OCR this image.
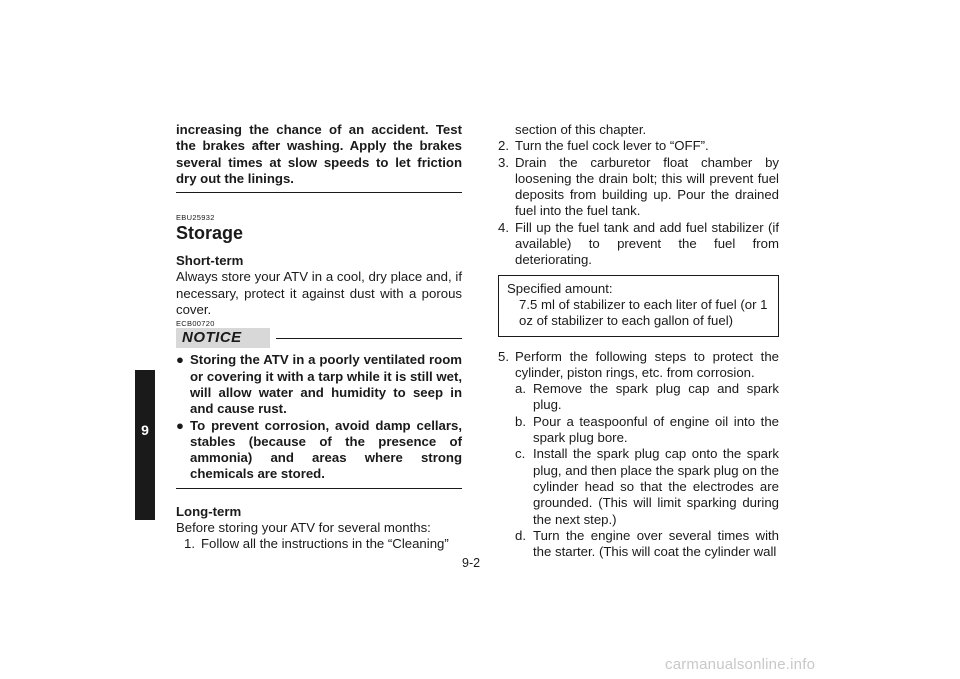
9
increasing the chance of an accident. Test the brakes after washing. Apply the brakes several times at slow speeds to let friction dry out the linings.
EBU25932
Storage
Short-term
Always store your ATV in a cool, dry place and, if necessary, protect it against dust with a porous cover.
ECB00720
NOTICE
● Storing the ATV in a poorly ventilated room or covering it with a tarp while it is still wet, will allow water and humidity to seep in and cause rust.
● To prevent corrosion, avoid damp cellars, stables (because of the presence of ammonia) and areas where strong chemicals are stored.
Long-term
Before storing your ATV for several months:
1. Follow all the instructions in the “Cleaning”
section of this chapter.
2. Turn the fuel cock lever to “OFF”.
3. Drain the carburetor float chamber by loosening the drain bolt; this will prevent fuel deposits from building up. Pour the drained fuel into the fuel tank.
4. Fill up the fuel tank and add fuel stabilizer (if available) to prevent the fuel from deteriorating.
Specified amount:
7.5 ml of stabilizer to each liter of fuel (or 1 oz of stabilizer to each gallon of fuel)
5. Perform the following steps to protect the cylinder, piston rings, etc. from corrosion.
a. Remove the spark plug cap and spark plug.
b. Pour a teaspoonful of engine oil into the spark plug bore.
c. Install the spark plug cap onto the spark plug, and then place the spark plug on the cylinder head so that the electrodes are grounded. (This will limit sparking during the next step.)
d. Turn the engine over several times with the starter. (This will coat the cylinder wall
9-2
carmanualsonline.info
